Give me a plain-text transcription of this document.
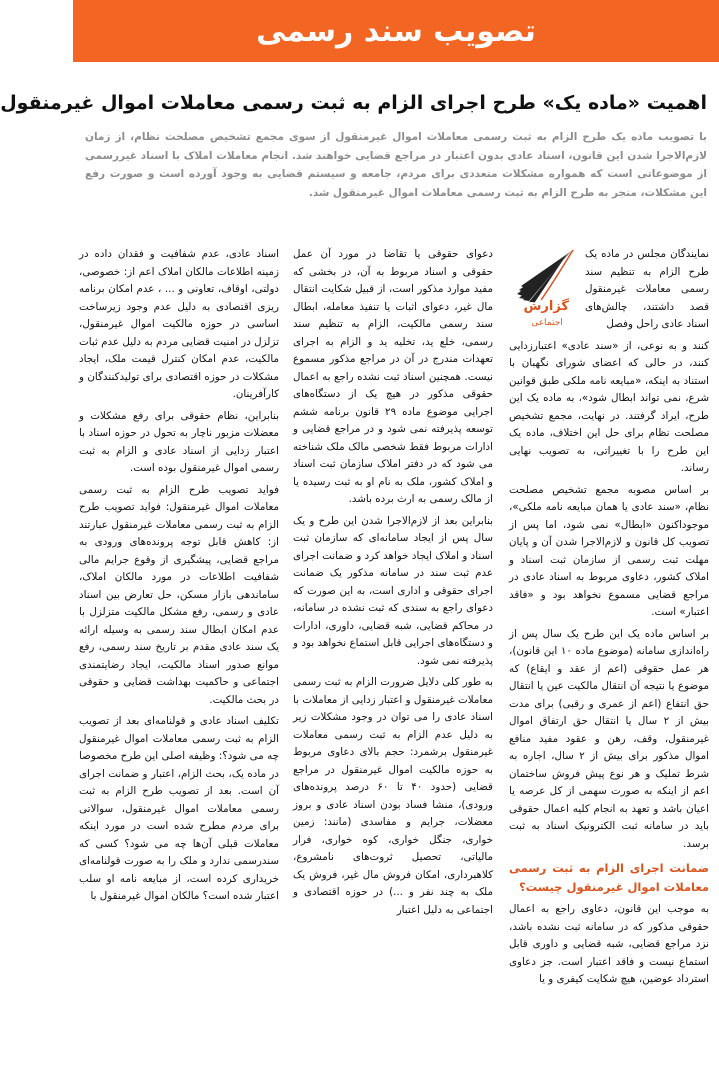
تصویب سند رسمی
اهمیت «ماده یک» طرح اجرای الزام به ثبت رسمی معاملات اموال غیرمنقول
با تصویب ماده یک طرح الزام به ثبت رسمی معاملات اموال غیرمنقول از سوی مجمع تشخیص مصلحت نظام، از زمان لازم‌الاجرا شدن این قانون، اسناد عادی بدون اعتبار در مراجع قضایی خواهند شد. انجام معاملات املاک با اسناد غیررسمی از موضوعاتی است که همواره مشکلات متعددی برای مردم، جامعه و سیستم قضایی به وجود آورده است و صورت رفع این مشکلات، منجر به طرح الزام به ثبت رسمی معاملات اموال غیرمنقول شد.
گزارش
اجتماعی

نمایندگان مجلس در ماده یک طرح الزام به تنظیم سند رسمی معاملات غیرمنقول قصد داشتند، چالش‌های اسناد عادی راحل وفصل

کنند و به نوعی، از «سند عادی» اعتبارزدایی کنند، در حالی که اعضای شورای نگهبان با استناد به اینکه، «مبایعه نامه ملکی طبق قوانین شرع، نمی تواند ابطال شود»، به ماده یک این طرح، ایراد گرفتند. در نهایت، مجمع تشخیص مصلحت نظام برای حل این اختلاف، ماده یک این طرح را با تغییراتی، به تصویب نهایی رساند.

بر اساس مصوبه مجمع تشخیص مصلحت نظام، «سند عادی یا همان مبایعه نامه ملکی»، موجوداکنون «ابطال» نمی شود، اما پس از تصویب کل قانون و لازم‌الاجرا شدن آن و پایان مهلت ثبت رسمی از سازمان ثبت اسناد و املاک کشور، دعاوی مربوط به اسناد عادی در مراجع قضایی مسموع نخواهد بود و «فاقد اعتبار» است.

بر اساس ماده یک این طرح یک سال پس از راه‌اندازی سامانه (موضوع ماده ۱۰ این قانون)، هر عمل حقوقی (اعم از عقد و ایقاع) که موضوع یا نتیجه آن انتقال مالکیت عین یا انتقال حق انتفاع (اعم از عمری و رقبی) برای مدت بیش از ۲ سال یا انتقال حق ارتفاق اموال غیرمنقول، وقف، رهن و عقود مفید منافع اموال مذکور برای بیش از ۲ سال، اجاره به شرط تملیک و هر نوع پیش فروش ساختمان اعم از اینکه به صورت سهمی از کل عرصه یا اعیان باشد و تعهد به انجام کلیه اعمال حقوقی باید در سامانه ثبت الکترونیک اسناد به ثبت برسد.

ضمانت اجرای الزام به ثبت رسمی معاملات اموال غیرمنقول چیست؟

به موجب این قانون، دعاوی راجع به اعمال حقوقی مذکور که در سامانه ثبت نشده باشد، نزد مراجع قضایی، شبه قضایی و داوری قابل استماع نیست و فاقد اعتبار است. جز دعاوی استرداد عوضین، هیچ شکایت کیفری و یا

دعوای حقوقی یا تقاضا در مورد آن عمل حقوقی و اسناد مربوط به آن، در بخشی که مفید موارد مذکور است، از قبیل شکایت انتقال مال غیر، دعوای اثبات یا تنفیذ معامله، ابطال سند رسمی مالکیت، الزام به تنظیم سند رسمی، خلع ید، تخلیه ید و الزام به اجرای تعهدات مندرج در آن در مراجع مذکور مسموع نیست. همچنین اسناد ثبت نشده راجع به اعمال حقوقی مذکور در هیچ یک از دستگاه‌های اجرایی موضوع ماده ۲۹ قانون برنامه ششم توسعه پذیرفته نمی شود و در مراجع قضایی و ادارات مربوط فقط شخصی مالک ملک شناخته می شود که در دفتر املاک سازمان ثبت اسناد و املاک کشور، ملک به نام او به ثبت رسیده یا از مالک رسمی به ارث برده باشد.

بنابراین بعد از لازم‌الاجرا شدن این طرح و یک سال پس از ایجاد سامانه‌ای که سازمان ثبت اسناد و املاک ایجاد خواهد کرد و ضمانت اجرای عدم ثبت سند در سامانه مذکور یک ضمانت اجرای حقوقی و اداری است، به این صورت که دعوای راجع به سندی که ثبت نشده در سامانه، در محاکم قضایی، شبه قضایی، داوری، ادارات و دستگاه‌های اجرایی قابل استماع نخواهد بود و پذیرفته نمی شود.

به طور کلی دلایل ضرورت الزام به ثبت رسمی معاملات غیرمنقول و اعتبار زدایی از معاملات با اسناد عادی را می توان در وجود مشکلات زیر به دلیل عدم الزام به ثبت رسمی معاملات غیرمنقول برشمرد: حجم بالای دعاوی مربوط به حوزه مالکیت اموال غیرمنقول در مراجع قضایی (حدود ۴۰ تا ۶۰ درصد پرونده‌های ورودی)، منشا فساد بودن اسناد عادی و بروز معضلات، جرایم و مفاسدی (مانند: زمین خواری، جنگل خواری، کوه خواری، فرار مالیاتی، تحصیل ثروت‌های نامشروع، کلاهبرداری، امکان فروش مال غیر، فروش یک ملک به چند نفر و ...) در حوزه اقتصادی و اجتماعی به دلیل اعتبار

اسناد عادی، عدم شفافیت و فقدان داده در زمینه اطلاعات مالکان املاک اعم از: خصوصی، دولتی، اوقاف، تعاونی و ... ، عدم امکان برنامه ریزی اقتصادی به دلیل عدم وجود زیرساخت اساسی در حوزه مالکیت اموال غیرمنقول، تزلزل در امنیت قضایی مردم به دلیل عدم ثبات مالکیت، عدم امکان کنترل قیمت ملک، ایجاد مشکلات در حوزه اقتصادی برای تولیدکنندگان و کارآفرینان.

بنابراین، نظام حقوقی برای رفع مشکلات و معضلات مزبور ناچار به تحول در حوزه اسناد با اعتبار زدایی از اسناد عادی و الزام به ثبت رسمی اموال غیرمنقول بوده است.

فواید تصویب طرح الزام به ثبت رسمی معاملات اموال غیرمنقول: فواید تصویب طرح الزام به ثبت رسمی معاملات غیرمنقول عبارتند از: کاهش قابل توجه پرونده‌های ورودی به مراجع قضایی، پیشگیری از وقوع جرایم مالی شفافیت اطلاعات در مورد مالکان املاک، ساماندهی بازار مسکن، حل تعارض بین اسناد عادی و رسمی، رفع مشکل مالکیت متزلزل با عدم امکان ابطال سند رسمی به وسیله ارائه یک سند عادی مقدم بر تاریخ سند رسمی، رفع موانع صدور اسناد مالکیت، ایجاد رضایتمندی اجتماعی و حاکمیت بهداشت قضایی و حقوقی در بحث مالکیت.

تکلیف اسناد عادی و قولنامه‌ای بعد از تصویب الزام به ثبت رسمی معاملات اموال غیرمنقول چه می شود؟: وظیفه اصلی این طرح مخصوصا در ماده یک، بحث الزام، اعتبار و ضمانت اجرای آن است. بعد از تصویب طرح الزام به ثبت رسمی معاملات اموال غیرمنقول، سوالاتی برای مردم مطرح شده است در مورد اینکه معاملات قبلی آن‌ها چه می شود؟ کسی که سندرسمی ندارد و ملک را به صورت قولنامه‌ای خریداری کرده است، از مبایعه نامه او سلب اعتبار شده است؟ مالکان اموال غیرمنقول با
